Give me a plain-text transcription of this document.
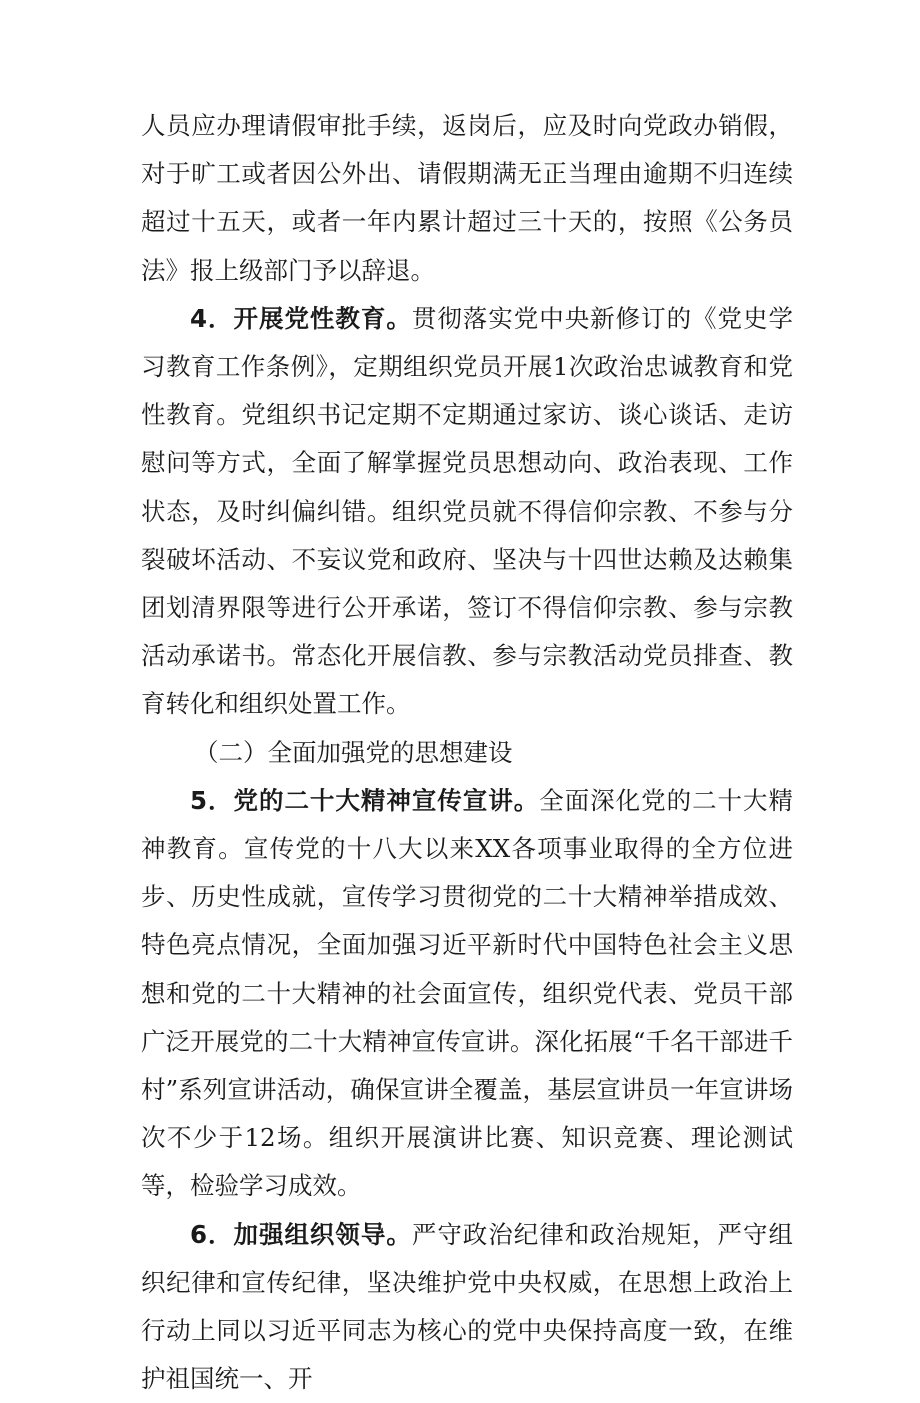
人员应办理请假审批手续，返岗后，应及时向党政办销假，对于旷工或者因公外出、请假期满无正当理由逾期不归连续超过十五天，或者一年内累计超过三十天的，按照《公务员法》报上级部门予以辞退。

4．开展党性教育。贯彻落实党中央新修订的《党史学习教育工作条例》，定期组织党员开展1次政治忠诚教育和党性教育。党组织书记定期不定期通过家访、谈心谈话、走访慰问等方式，全面了解掌握党员思想动向、政治表现、工作状态，及时纠偏纠错。组织党员就不得信仰宗教、不参与分裂破坏活动、不妄议党和政府、坚决与十四世达赖及达赖集团划清界限等进行公开承诺，签订不得信仰宗教、参与宗教活动承诺书。常态化开展信教、参与宗教活动党员排查、教育转化和组织处置工作。

（二）全面加强党的思想建设

5．党的二十大精神宣传宣讲。全面深化党的二十大精神教育。宣传党的十八大以来XX各项事业取得的全方位进步、历史性成就，宣传学习贯彻党的二十大精神举措成效、特色亮点情况，全面加强习近平新时代中国特色社会主义思想和党的二十大精神的社会面宣传，组织党代表、党员干部广泛开展党的二十大精神宣传宣讲。深化拓展“千名干部进千村”系列宣讲活动，确保宣讲全覆盖，基层宣讲员一年宣讲场次不少于12场。组织开展演讲比赛、知识竞赛、理论测试等，检验学习成效。

6．加强组织领导。严守政治纪律和政治规矩，严守组织纪律和宣传纪律，坚决维护党中央权威，在思想上政治上行动上同以习近平同志为核心的党中央保持高度一致，在维护祖国统一、开
